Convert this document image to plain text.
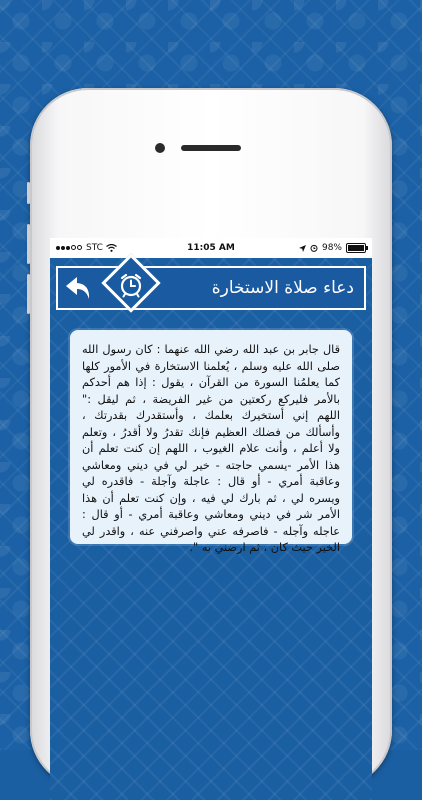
STC	11:05 AM	98%
دعاء صلاة الاستخارة
قال جابر بن عبد الله رضي الله عنهما : كان رسول الله صلى الله عليه وسلم ، يُعلمنا الاستخارة في الأمور كلها كما يعلمُنا السورة من القرآن ، يقول : إذا هم أحدكم بالأمر فليركع ركعتين من غير الفريضة ، ثم ليقل :" اللهم إني أستخيرك بعلمك ، وأستقدرك بقدرتك ، وأسألك من فضلك العظيم فإنك تقدرُ ولا أقدرُ ، وتعلم ولا أعلم ، وأنت علام الغيوب ، اللهم إن كنت تعلم أن هذا الأمر -يسمي حاجته - خير لي في ديني ومعاشي وعاقبة أمري - أو قال : عاجلة وآجلة - فاقدره لي ويسره لي ، ثم بارك لي فيه ، وإن كنت تعلم أن هذا الأمر شر في ديني ومعاشي وعاقبة أمري - أو قال : عاجله وآجله - فاصرفه عني واصرفني عنه ، واقدر لي الخير حيث كان ، ثم ارضني به ".
